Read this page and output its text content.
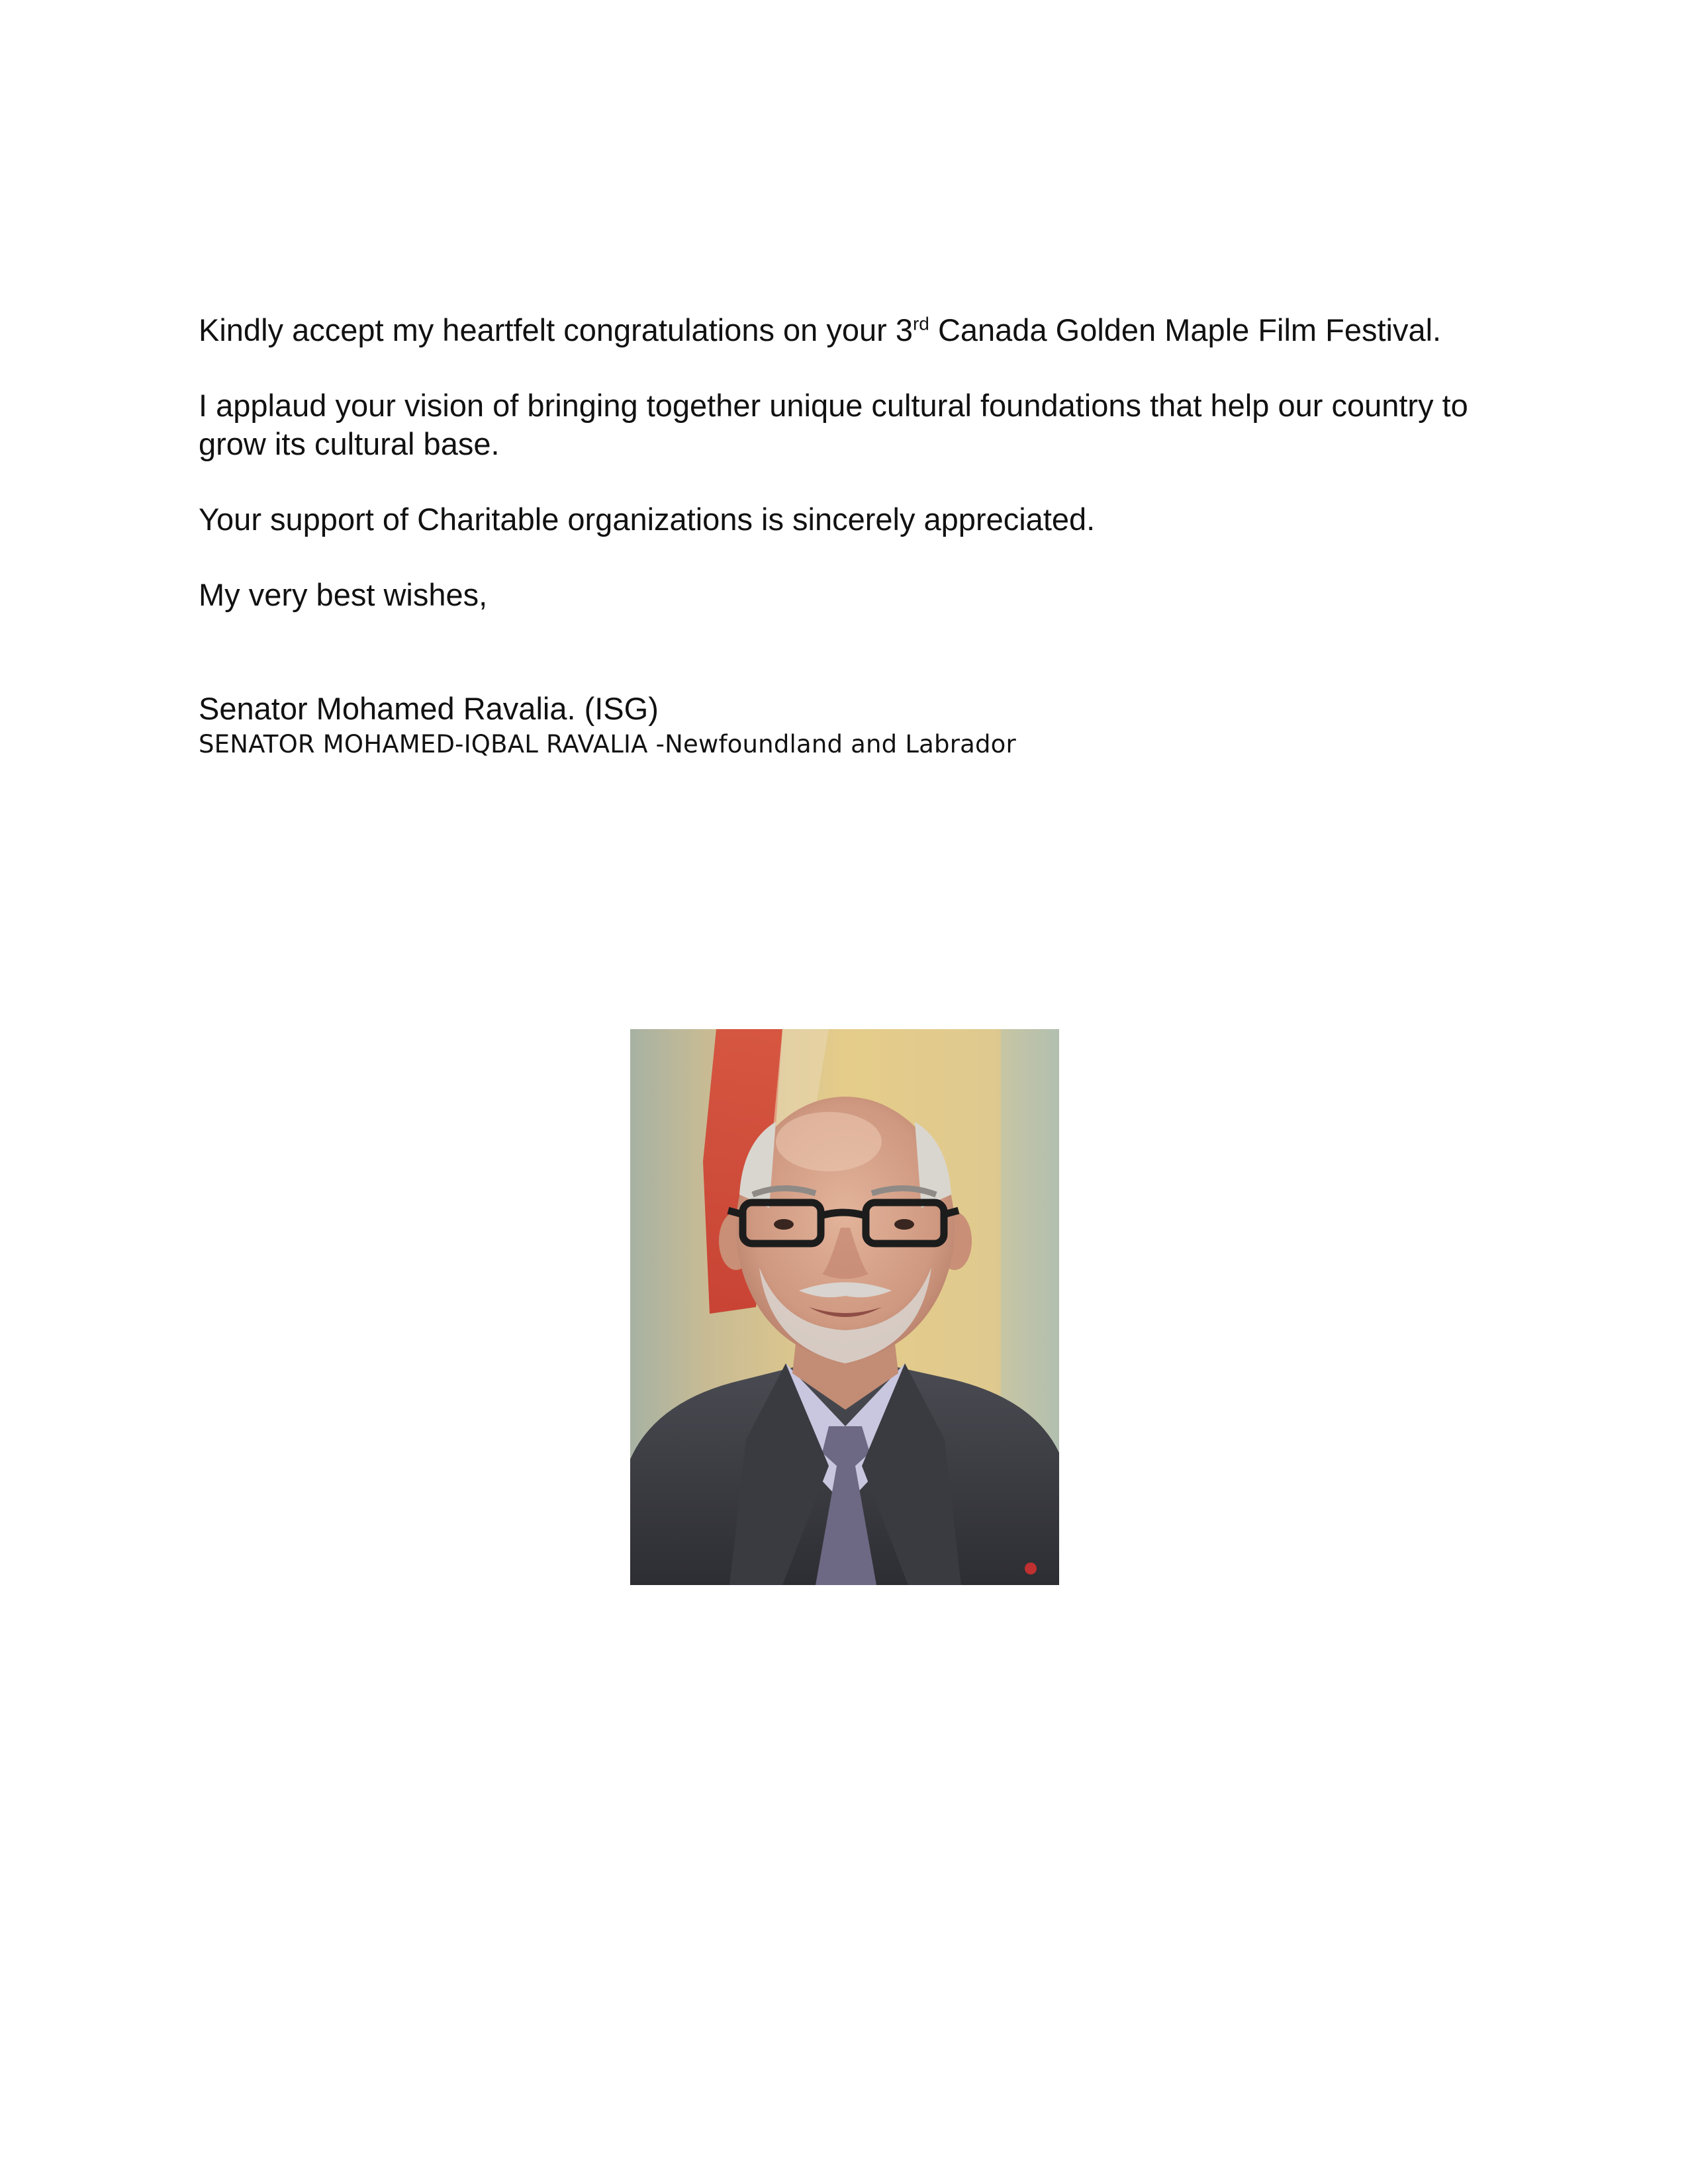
Kindly accept my heartfelt congratulations on your 3rd Canada Golden Maple Film Festival.

I applaud your vision of bringing together unique cultural foundations that help our country to grow its cultural base.

Your support of Charitable organizations is sincerely appreciated.

My very best wishes,

Senator Mohamed Ravalia. (ISG)
SENATOR MOHAMED-IQBAL RAVALIA -Newfoundland and Labrador
